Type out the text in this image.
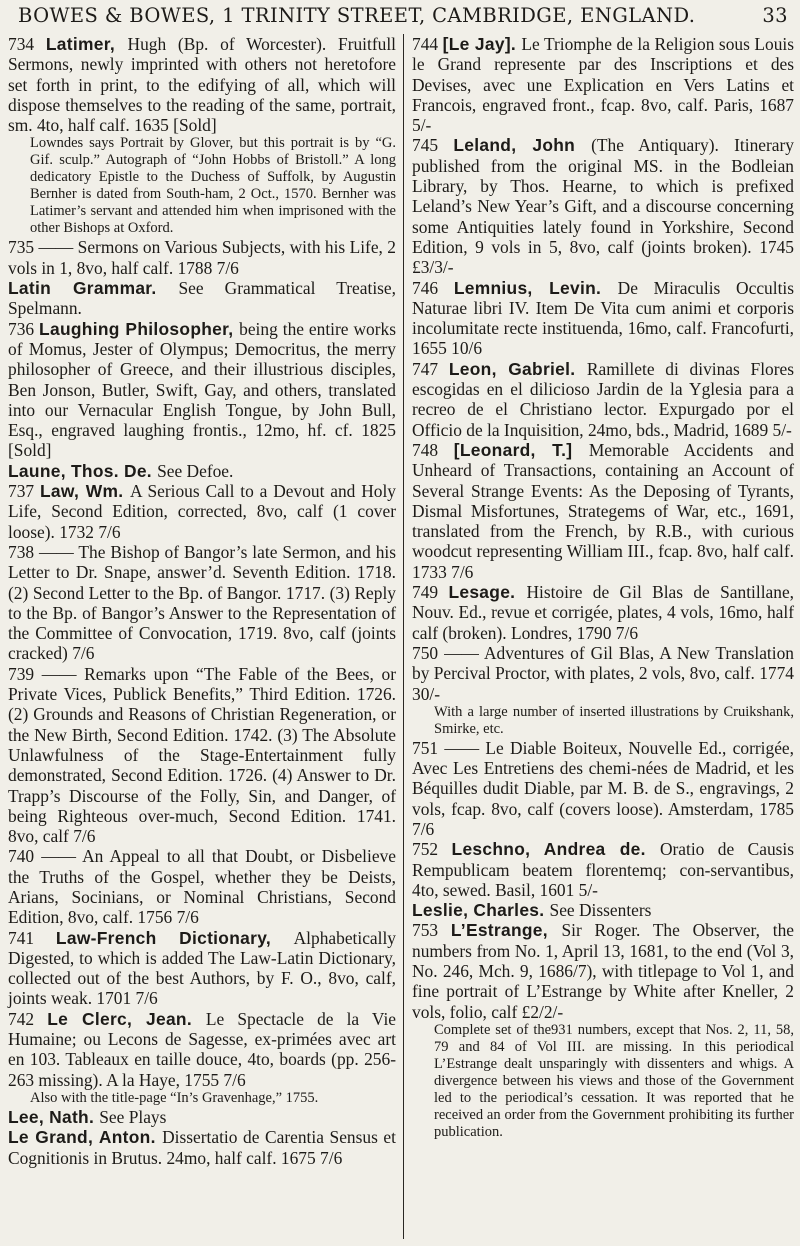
BOWES & BOWES, 1 TRINITY STREET, CAMBRIDGE, ENGLAND.	33

734 Latimer, Hugh (Bp. of Worcester). Fruitfull Sermons, newly imprinted with others not heretofore set forth in print, to the edifying of all, which will dispose themselves to the reading of the same, portrait, sm. 4to, half calf. 1635 [Sold]

Lowndes says Portrait by Glover, but this portrait is by “G. Gif. sculp.” Autograph of “John Hobbs of Bristoll.” A long dedicatory Epistle to the Duchess of Suffolk, by Augustin Bernher is dated from South-ham, 2 Oct., 1570. Bernher was Latimer’s servant and attended him when imprisoned with the other Bishops at Oxford.

735 —— Sermons on Various Subjects, with his Life, 2 vols in 1, 8vo, half calf. 1788 7/6

Latin Grammar. See Grammatical Treatise, Spelmann.

736 Laughing Philosopher, being the entire works of Momus, Jester of Olympus; Democritus, the merry philosopher of Greece, and their illustrious disciples, Ben Jonson, Butler, Swift, Gay, and others, translated into our Vernacular English Tongue, by John Bull, Esq., engraved laughing frontis., 12mo, hf. cf. 1825 [Sold]

Laune, Thos. De. See Defoe.

737 Law, Wm. A Serious Call to a Devout and Holy Life, Second Edition, corrected, 8vo, calf (1 cover loose). 1732 7/6

738 —— The Bishop of Bangor’s late Sermon, and his Letter to Dr. Snape, answer’d. Seventh Edition. 1718. (2) Second Letter to the Bp. of Bangor. 1717. (3) Reply to the Bp. of Bangor’s Answer to the Representation of the Committee of Convocation, 1719. 8vo, calf (joints cracked) 7/6

739 —— Remarks upon “The Fable of the Bees, or Private Vices, Publick Benefits,” Third Edition. 1726. (2) Grounds and Reasons of Christian Regeneration, or the New Birth, Second Edition. 1742. (3) The Absolute Unlawfulness of the Stage-Entertainment fully demonstrated, Second Edition. 1726. (4) Answer to Dr. Trapp’s Discourse of the Folly, Sin, and Danger, of being Righteous over-much, Second Edition. 1741. 8vo, calf 7/6

740 —— An Appeal to all that Doubt, or Disbelieve the Truths of the Gospel, whether they be Deists, Arians, Socinians, or Nominal Christians, Second Edition, 8vo, calf. 1756 7/6

741 Law-French Dictionary, Alphabetically Digested, to which is added The Law-Latin Dictionary, collected out of the best Authors, by F. O., 8vo, calf, joints weak. 1701 7/6

742 Le Clerc, Jean. Le Spectacle de la Vie Humaine; ou Lecons de Sagesse, ex-primées avec art en 103. Tableaux en taille douce, 4to, boards (pp. 256-263 missing). A la Haye, 1755 7/6

Also with the title-page “In’s Gravenhage,” 1755.

Lee, Nath. See Plays

Le Grand, Anton. Dissertatio de Carentia Sensus et Cognitionis in Brutus. 24mo, half calf. 1675 7/6

744 [Le Jay]. Le Triomphe de la Religion sous Louis le Grand represente par des Inscriptions et des Devises, avec une Explication en Vers Latins et Francois, engraved front., fcap. 8vo, calf. Paris, 1687 5/-

745 Leland, John (The Antiquary). Itinerary published from the original MS. in the Bodleian Library, by Thos. Hearne, to which is prefixed Leland’s New Year’s Gift, and a discourse concerning some Antiquities lately found in Yorkshire, Second Edition, 9 vols in 5, 8vo, calf (joints broken). 1745 £3/3/-

746 Lemnius, Levin. De Miraculis Occultis Naturae libri IV. Item De Vita cum animi et corporis incolumitate recte instituenda, 16mo, calf. Francofurti, 1655 10/6

747 Leon, Gabriel. Ramillete di divinas Flores escogidas en el dilicioso Jardin de la Yglesia para a recreo de el Christiano lector. Expurgado por el Officio de la Inquisition, 24mo, bds., Madrid, 1689 5/-

748 [Leonard, T.] Memorable Accidents and Unheard of Transactions, containing an Account of Several Strange Events: As the Deposing of Tyrants, Dismal Misfortunes, Strategems of War, etc., 1691, translated from the French, by R.B., with curious woodcut representing William III., fcap. 8vo, half calf. 1733 7/6

749 Lesage. Histoire de Gil Blas de Santillane, Nouv. Ed., revue et corrigée, plates, 4 vols, 16mo, half calf (broken). Londres, 1790 7/6

750 —— Adventures of Gil Blas, A New Translation by Percival Proctor, with plates, 2 vols, 8vo, calf. 1774 30/-

With a large number of inserted illustrations by Cruikshank, Smirke, etc.

751 —— Le Diable Boiteux, Nouvelle Ed., corrigée, Avec Les Entretiens des chemi-nées de Madrid, et les Béquilles dudit Diable, par M. B. de S., engravings, 2 vols, fcap. 8vo, calf (covers loose). Amsterdam, 1785 7/6

752 Leschno, Andrea de. Oratio de Causis Rempublicam beatem florentemq; con-servantibus, 4to, sewed. Basil, 1601 5/-

Leslie, Charles. See Dissenters

753 L’Estrange, Sir Roger. The Observer, the numbers from No. 1, April 13, 1681, to the end (Vol 3, No. 246, Mch. 9, 1686/7), with titlepage to Vol 1, and fine portrait of L’Estrange by White after Kneller, 2 vols, folio, calf £2/2/-

Complete set of the931 numbers, except that Nos. 2, 11, 58, 79 and 84 of Vol III. are missing. In this periodical L’Estrange dealt unsparingly with dissenters and whigs. A divergence between his views and those of the Government led to the periodical’s cessation. It was reported that he received an order from the Government prohibiting its further publication.
